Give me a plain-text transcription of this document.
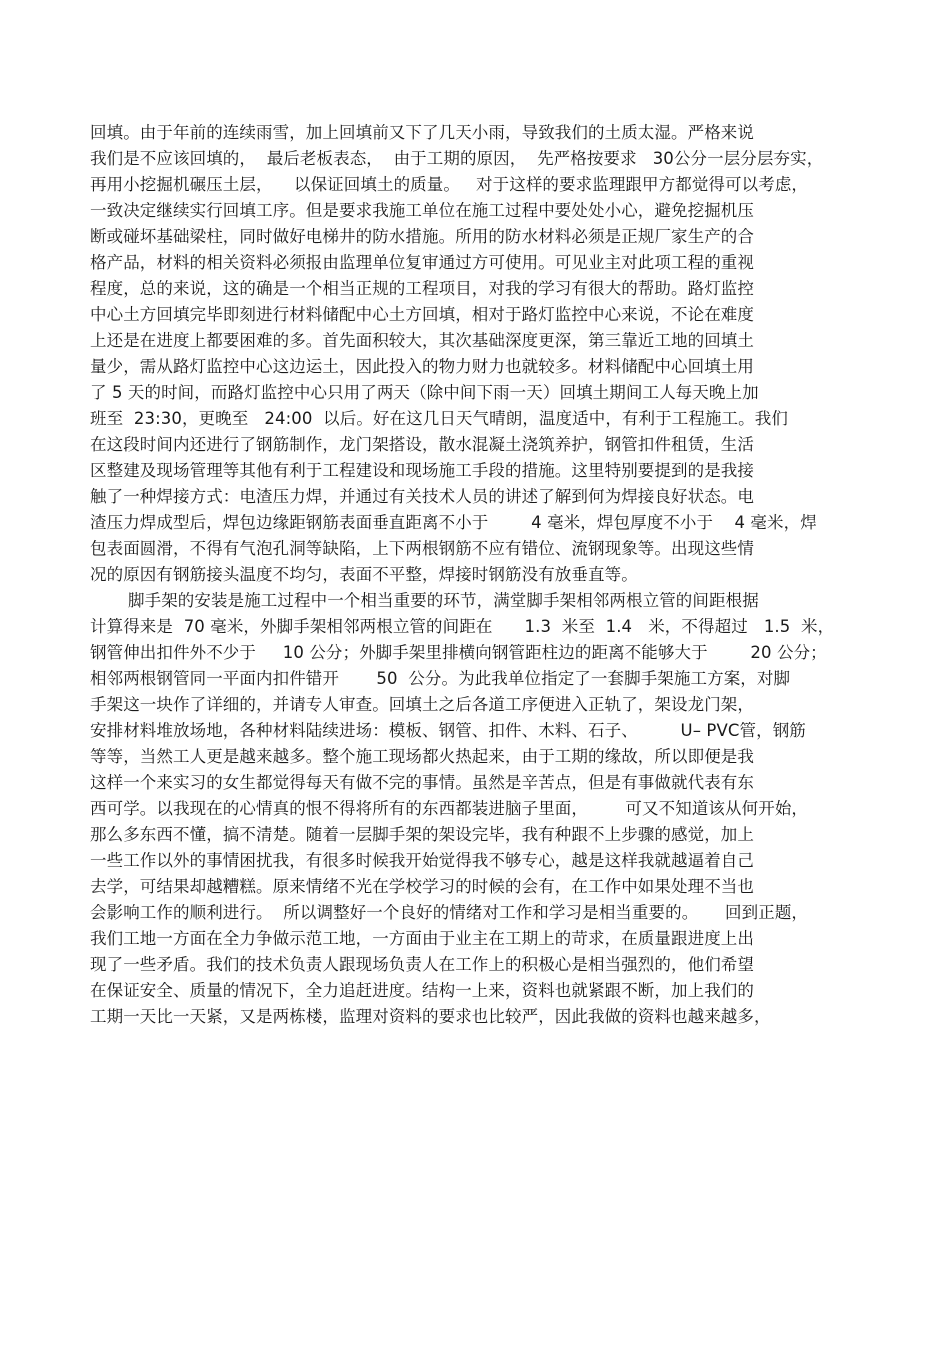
回填。由于年前的连续雨雪，加上回填前又下了几天小雨，导致我们的土质太湿。严格来说
我们是不应该回填的，  最后老板表态，  由于工期的原因，  先严格按要求   30公分一层分层夯实，
再用小挖掘机碾压土层，    以保证回填土的质量。   对于这样的要求监理跟甲方都觉得可以考虑，
一致决定继续实行回填工序。但是要求我施工单位在施工过程中要处处小心，避免挖掘机压
断或碰坏基础梁柱，同时做好电梯井的防水措施。所用的防水材料必须是正规厂家生产的合
格产品，材料的相关资料必须报由监理单位复审通过方可使用。可见业主对此项工程的重视
程度，总的来说，这的确是一个相当正规的工程项目，对我的学习有很大的帮助。路灯监控
中心土方回填完毕即刻进行材料储配中心土方回填，相对于路灯监控中心来说，不论在难度
上还是在进度上都要困难的多。首先面积较大，其次基础深度更深，第三靠近工地的回填土
量少，需从路灯监控中心这边运土，因此投入的物力财力也就较多。材料储配中心回填土用
了 5 天的时间，而路灯监控中心只用了两天（除中间下雨一天）回填土期间工人每天晚上加
班至  23:30，更晚至   24:00  以后。好在这几日天气晴朗，温度适中，有利于工程施工。我们
在这段时间内还进行了钢筋制作，龙门架搭设，散水混凝土浇筑养护，钢管扣件租赁，生活
区整建及现场管理等其他有利于工程建设和现场施工手段的措施。这里特别要提到的是我接
触了一种焊接方式：电渣压力焊，并通过有关技术人员的讲述了解到何为焊接良好状态。电
渣压力焊成型后，焊包边缘距钢筋表面垂直距离不小于        4 毫米，焊包厚度不小于    4 毫米，焊
包表面圆滑，不得有气泡孔洞等缺陷，上下两根钢筋不应有错位、流钢现象等。出现这些情
况的原因有钢筋接头温度不均匀，表面不平整，焊接时钢筋没有放垂直等。
脚手架的安装是施工过程中一个相当重要的环节，满堂脚手架相邻两根立管的间距根据
计算得来是  70 毫米，外脚手架相邻两根立管的间距在      1.3  米至  1.4   米，不得超过   1.5  米，
钢管伸出扣件外不少于     10 公分；外脚手架里排横向钢管距柱边的距离不能够大于        20 公分；
相邻两根钢管同一平面内扣件错开       50  公分。为此我单位指定了一套脚手架施工方案，对脚
手架这一块作了详细的，并请专人审查。回填土之后各道工序便进入正轨了，架设龙门架，
安排材料堆放场地，各种材料陆续进场：模板、钢管、扣件、木料、石子、        U– PVC管，钢筋
等等，当然工人更是越来越多。整个施工现场都火热起来，由于工期的缘故，所以即便是我
这样一个来实习的女生都觉得每天有做不完的事情。虽然是辛苦点，但是有事做就代表有东
西可学。以我现在的心情真的恨不得将所有的东西都装进脑子里面，       可又不知道该从何开始，
那么多东西不懂，搞不清楚。随着一层脚手架的架设完毕，我有种跟不上步骤的感觉，加上
一些工作以外的事情困扰我，有很多时候我开始觉得我不够专心，越是这样我就越逼着自己
去学，可结果却越糟糕。原来情绪不光在学校学习的时候的会有，在工作中如果处理不当也
会影响工作的顺利进行。  所以调整好一个良好的情绪对工作和学习是相当重要的。     回到正题，
我们工地一方面在全力争做示范工地，一方面由于业主在工期上的苛求，在质量跟进度上出
现了一些矛盾。我们的技术负责人跟现场负责人在工作上的积极心是相当强烈的，他们希望
在保证安全、质量的情况下，全力追赶进度。结构一上来，资料也就紧跟不断，加上我们的
工期一天比一天紧，又是两栋楼，监理对资料的要求也比较严，因此我做的资料也越来越多，
